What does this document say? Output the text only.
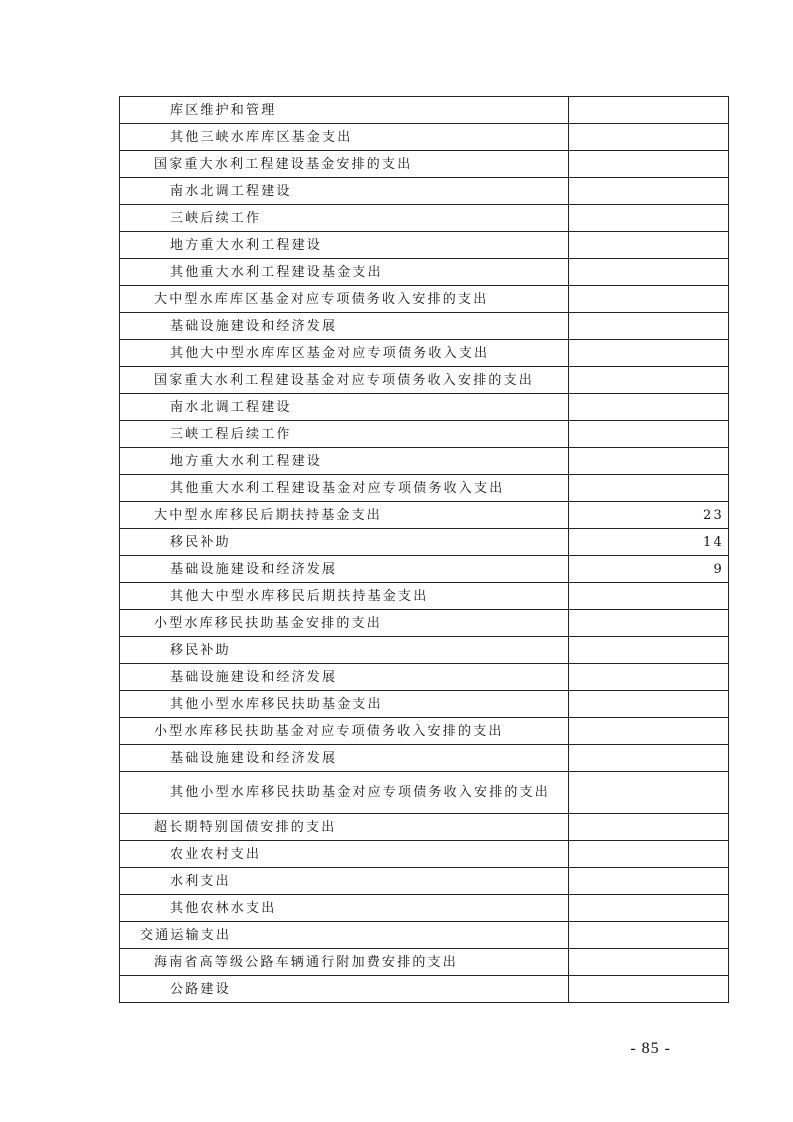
库区维护和管理	
其他三峡水库库区基金支出	
国家重大水利工程建设基金安排的支出	
南水北调工程建设	
三峡后续工作	
地方重大水利工程建设	
其他重大水利工程建设基金支出	
大中型水库库区基金对应专项债务收入安排的支出	
基础设施建设和经济发展	
其他大中型水库库区基金对应专项债务收入支出	
国家重大水利工程建设基金对应专项债务收入安排的支出	
南水北调工程建设	
三峡工程后续工作	
地方重大水利工程建设	
其他重大水利工程建设基金对应专项债务收入支出	
大中型水库移民后期扶持基金支出	23
移民补助	14
基础设施建设和经济发展	9
其他大中型水库移民后期扶持基金支出	
小型水库移民扶助基金安排的支出	
移民补助	
基础设施建设和经济发展	
其他小型水库移民扶助基金支出	
小型水库移民扶助基金对应专项债务收入安排的支出	
基础设施建设和经济发展	
其他小型水库移民扶助基金对应专项债务收入安排的支出	
超长期特别国债安排的支出	
农业农村支出	
水利支出	
其他农林水支出	
交通运输支出	
海南省高等级公路车辆通行附加费安排的支出	
公路建设	
- 85 -
